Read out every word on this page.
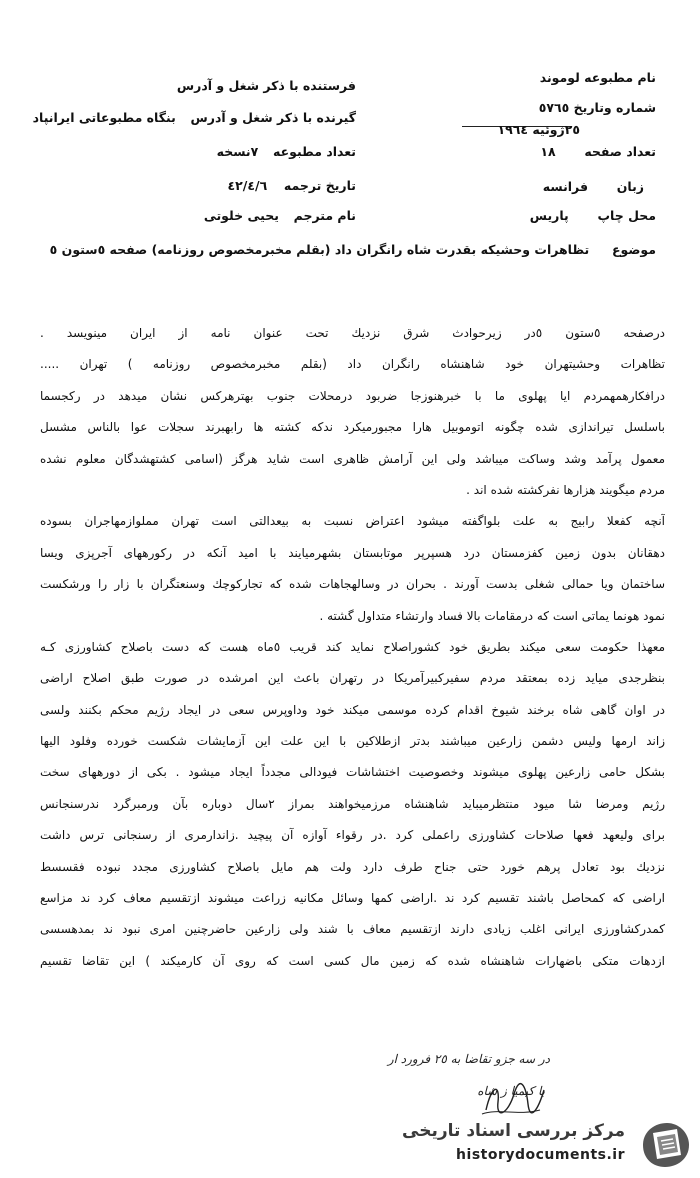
نام مطبوعه لوموند
شماره وتاریخ ٥٧٦٥
٢٥ژوئیه ١٩٦٤
تعداد صفحه  ١٨
زبان  فرانسه
محل چاپ  پاریس
فرستنده با ذکر شغل و آدرس
گیرنده با ذکر شغل و آدرس  بنگاه مطبوعاتی ایرانپاد
تعداد مطبوعه  ٧نسخه
تاریخ ترجمه  ٤٢/٤/٦
نام مترجم  یحیی خلوتی
موضوع  تظاهرات وحشیکه بقدرت شاه رانگران داد (بقلم مخبرمخصوص روزنامه) صفحه ٥ستون ٥
درصفحه ٥ستون ٥در زیرحوادث شرق نزدیك تحت عنوان نامه از ایران مینویسد .
تظاهرات وحشیتهران خود شاهنشاه رانگران داد (بقلم مخبرمخصوص روزنامه ) تهران .....
درافکارهمهمردم ایا پهلوی ما با خبرهنوزجا ضربود درمحلات جنوب بهترهرکس نشان میدهد در رکجسما
باسلسل تیراندازی شده چگونه اتوموبیل هارا مجبورمیکرد ندکه کشته ها رابهبرند سجلات عوا بالناس مشسل
معمول پرآمد وشد وساکت میباشد ولی این آرامش ظاهری است شاید هرگز (اسامی کشتهشدگان معلوم نشده
مردم میگویند هزارها نفرکشته شده اند .
آنچه کفعلا رابیج به علت بلواگفته میشود اعتراض نسبت به بیعدالتی است تهران مملوازمهاجران بسوده
دهقانان بدون زمین کفزمستان درد هسپرپر موتابستان بشهرمیایند با امید آنکه در رکورههای آجرپزی ویسا
ساختمان ویا حمالی شغلی بدست آورند . بحران در وسالهجاهات شده که تجارکوچك وسنعتگران با زار را ورشکست
نمود هونما یماتی است که درمقامات بالا فساد وارتشاء متداول گشته .
معهذا حکومت سعی میکند بطریق خود کشوراصلاح نماید کند قریب ٥ماه هست که دست باصلاح کشاورزی کـه
بنظرجدی میاید زده بمعتقد مردم سفیرکبیرآمریکا در رتهران باعث این امرشده در صورت طبق اصلاح اراضی
در اوان گاهی شاه برخند شیوخ اقدام کرده موسمی میکند خود وداوپرس سعی در ایجاد رژیم محکم بکنند ولسی
زاند ارمها ولیس دشمن زارعین میباشند بدتر ازطلاکین با این علت این آزمایشات شکست خورده وفلود الیها
بشکل حامی زارعین پهلوی میشوند وخصوصیت اختشاشات فیودالی مجدداً ایجاد میشود . بکی از دورههای سخت
رژیم ومرضا شا میود منتظرمیباید شاهنشاه مرزمیخواهند بمراز ٢سال دوباره بآن ورمبرگرد ندرسنجانس
برای ولیعهد فعها صلاحات کشاورزی راعملی کرد .در رقواء آوازه آن پیچید .زاندارمری از رسنجانی ترس داشت
نزدیك بود تعادل پرهم خورد حتی جناح طرف دارد ولت هم مایل باصلاح کشاورزی مجدد نبوده فقسسط
اراضی که کمحاصل باشند تقسیم کرد ند .اراضی کمها وسائل مکانیه زراعت میشوند ازتقسیم معاف کرد ند مزاسع
کمدرکشاورزی ایرانی اغلب زیادی دارند ازتقسیم معاف با شند ولی زارعین حاضرچنین امری نبود ند بمدهسسی
ازدهات متکی باضهارات شاهنشاه شده که زمین مال کسی است که روی آن کارمیکند ) این تقاضا تقسیم
در سه جزو تقاضا به ٢٥ فرورد ار
با کیمیا ز شاه
مرکز بررسی اسناد تاریخی
historydocuments.ir
